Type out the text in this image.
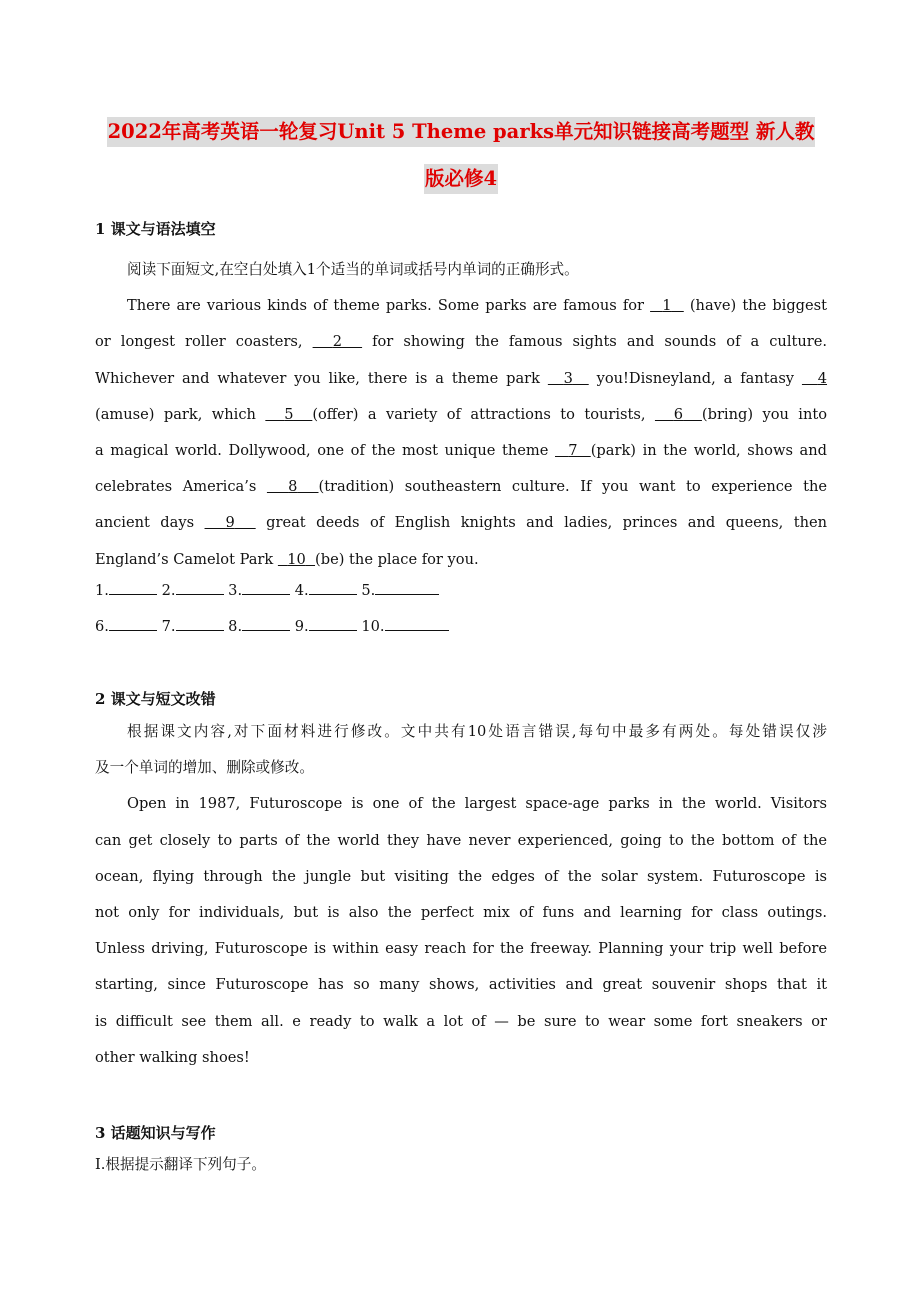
2022年高考英语一轮复习Unit 5 Theme parks单元知识链接高考题型 新人教
版必修4
1 课文与语法填空
阅读下面短文,在空白处填入1个适当的单词或括号内单词的正确形式。
There are various kinds of theme parks. Some parks are famous for   1   (have) the biggest
or longest roller coasters,   2   for showing the famous sights and sounds of a culture.
Whichever and whatever you like, there is a theme park   3   you!Disneyland, a fantasy   4
(amuse) park, which   5 (offer) a variety of attractions to tourists,   6 (bring) you into
a magical world. Dollywood, one of the most unique theme   7 (park) in the world, shows and
celebrates America’s   8 (tradition) southeastern culture. If you want to experience the
ancient days   9   great deeds of English knights and ladies, princes and queens, then
England’s Camelot Park   10 (be) the place for you.
1.	2.	3.	4.	5.
6.	7.	8.	9.	10.
2 课文与短文改错
根据课文内容,对下面材料进行修改。文中共有10处语言错误,每句中最多有两处。每处错误仅涉
及一个单词的增加、删除或修改。
Open in 1987, Futuroscope is one of the largest space-age parks in the world. Visitors
can get closely to parts of the world they have never experienced, going to the bottom of the
ocean, flying through the jungle but visiting the edges of the solar system. Futuroscope is
not only for individuals, but is also the perfect mix of funs and learning for class outings.
Unless driving, Futuroscope is within easy reach for the freeway. Planning your trip well before
starting, since Futuroscope has so many shows, activities and great souvenir shops that it
is difficult see them all. e ready to walk a lot of — be sure to wear some fort sneakers or
other walking shoes!
3 话题知识与写作
Ⅰ.根据提示翻译下列句子。
